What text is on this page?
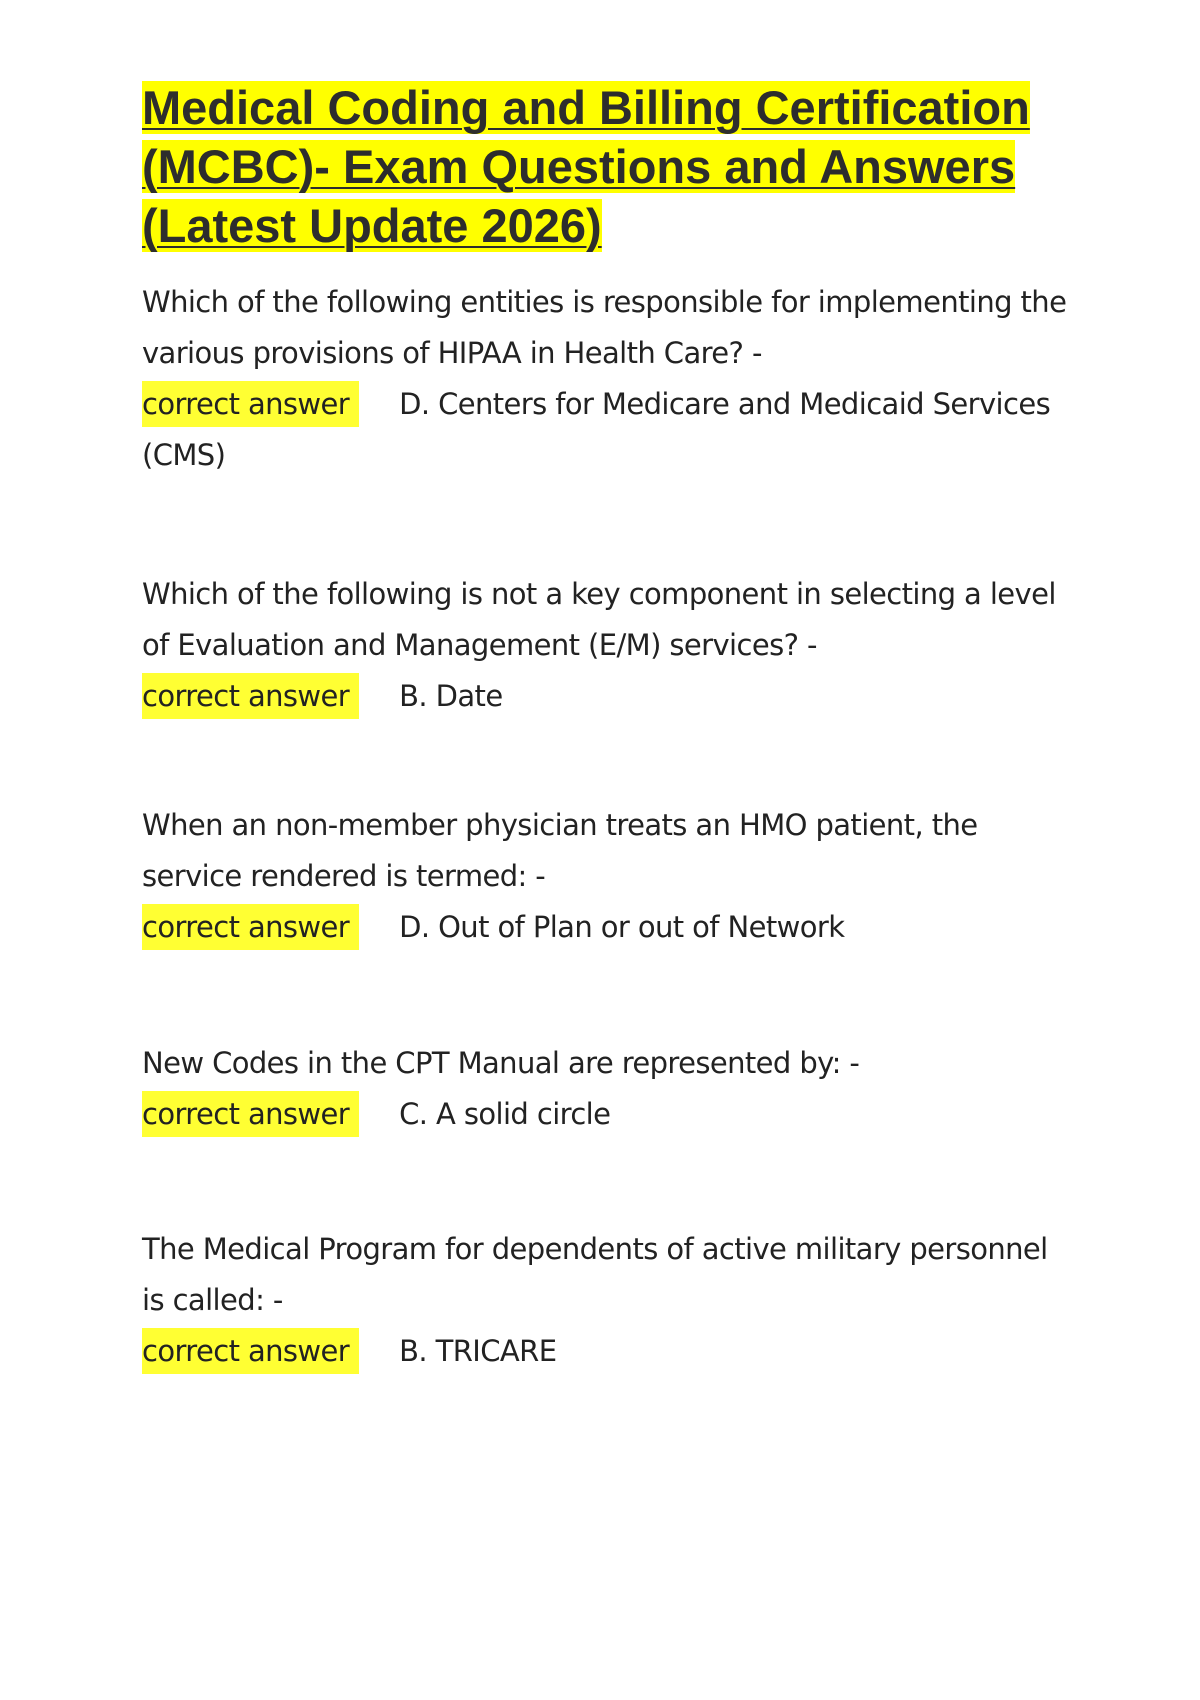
Medical Coding and Billing Certification (MCBC)- Exam Questions and Answers (Latest Update 2026)
Which of the following entities is responsible for implementing the various provisions of HIPAA in Health Care? -
correct answer D. Centers for Medicare and Medicaid Services (CMS)
Which of the following is not a key component in selecting a level of Evaluation and Management (E/M) services? -
correct answer B. Date
When an non-member physician treats an HMO patient, the service rendered is termed: -
correct answer D. Out of Plan or out of Network
New Codes in the CPT Manual are represented by: -
correct answer C. A solid circle
The Medical Program for dependents of active military personnel is called: -
correct answer B. TRICARE
